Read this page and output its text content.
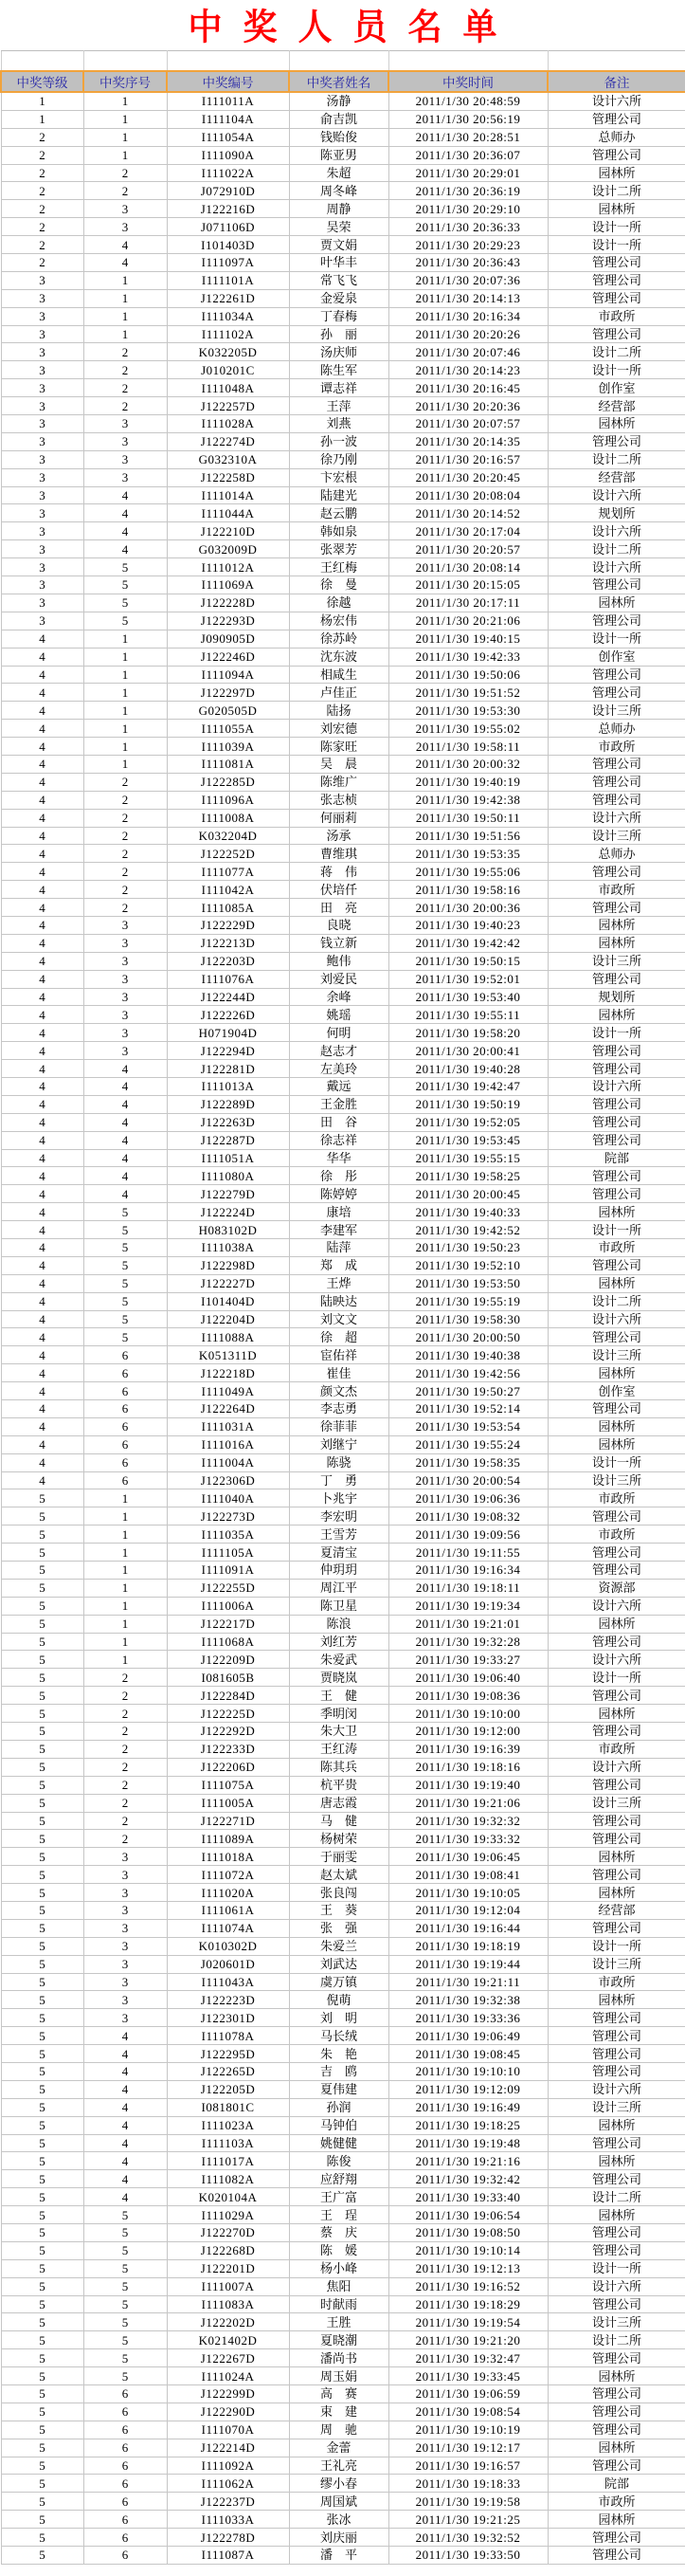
中奖人员名单

中奖等级	中奖序号	中奖编号	中奖者姓名	中奖时间	备注
1	1	I111011A	汤静	2011/1/30 20:48:59	设计六所
1	1	I111104A	俞吉凯	2011/1/30 20:56:19	管理公司
2	1	I111054A	钱贻俊	2011/1/30 20:28:51	总师办
2	1	I111090A	陈亚男	2011/1/30 20:36:07	管理公司
2	2	I111022A	朱超	2011/1/30 20:29:01	园林所
2	2	J072910D	周冬峰	2011/1/30 20:36:19	设计二所
2	3	J122216D	周静	2011/1/30 20:29:10	园林所
2	3	J071106D	吴荣	2011/1/30 20:36:33	设计一所
2	4	I101403D	贾文娟	2011/1/30 20:29:23	设计一所
2	4	I111097A	叶华丰	2011/1/30 20:36:43	管理公司
3	1	I111101A	常飞飞	2011/1/30 20:07:36	管理公司
3	1	J122261D	金爱泉	2011/1/30 20:14:13	管理公司
3	1	I111034A	丁春梅	2011/1/30 20:16:34	市政所
3	1	I111102A	孙　丽	2011/1/30 20:20:26	管理公司
3	2	K032205D	汤庆师	2011/1/30 20:07:46	设计二所
3	2	J010201C	陈生军	2011/1/30 20:14:23	设计一所
3	2	I111048A	谭志祥	2011/1/30 20:16:45	创作室
3	2	J122257D	王萍	2011/1/30 20:20:36	经营部
3	3	I111028A	刘燕	2011/1/30 20:07:57	园林所
3	3	J122274D	孙一波	2011/1/30 20:14:35	管理公司
3	3	G032310A	徐乃刚	2011/1/30 20:16:57	设计二所
3	3	J122258D	卞宏根	2011/1/30 20:20:45	经营部
3	4	I111014A	陆建光	2011/1/30 20:08:04	设计六所
3	4	I111044A	赵云鹏	2011/1/30 20:14:52	规划所
3	4	J122210D	韩如泉	2011/1/30 20:17:04	设计六所
3	4	G032009D	张翠芳	2011/1/30 20:20:57	设计二所
3	5	I111012A	王红梅	2011/1/30 20:08:14	设计六所
3	5	I111069A	徐　曼	2011/1/30 20:15:05	管理公司
3	5	J122228D	徐越	2011/1/30 20:17:11	园林所
3	5	J122293D	杨宏伟	2011/1/30 20:21:06	管理公司
4	1	J090905D	徐苏岭	2011/1/30 19:40:15	设计一所
4	1	J122246D	沈东波	2011/1/30 19:42:33	创作室
4	1	I111094A	相咸生	2011/1/30 19:50:06	管理公司
4	1	J122297D	卢佳正	2011/1/30 19:51:52	管理公司
4	1	G020505D	陆扬	2011/1/30 19:53:30	设计三所
4	1	I111055A	刘宏德	2011/1/30 19:55:02	总师办
4	1	I111039A	陈家旺	2011/1/30 19:58:11	市政所
4	1	I111081A	吴　晨	2011/1/30 20:00:32	管理公司
4	2	J122285D	陈维广	2011/1/30 19:40:19	管理公司
4	2	I111096A	张志桢	2011/1/30 19:42:38	管理公司
4	2	I111008A	何丽莉	2011/1/30 19:50:11	设计六所
4	2	K032204D	汤承	2011/1/30 19:51:56	设计三所
4	2	J122252D	曹维琪	2011/1/30 19:53:35	总师办
4	2	I111077A	蒋　伟	2011/1/30 19:55:06	管理公司
4	2	I111042A	伏培仟	2011/1/30 19:58:16	市政所
4	2	I111085A	田　亮	2011/1/30 20:00:36	管理公司
4	3	J122229D	良晓	2011/1/30 19:40:23	园林所
4	3	J122213D	钱立新	2011/1/30 19:42:42	园林所
4	3	J122203D	鲍伟	2011/1/30 19:50:15	设计三所
4	3	I111076A	刘爱民	2011/1/30 19:52:01	管理公司
4	3	J122244D	余峰	2011/1/30 19:53:40	规划所
4	3	J122226D	姚瑶	2011/1/30 19:55:11	园林所
4	3	H071904D	何明	2011/1/30 19:58:20	设计一所
4	3	J122294D	赵志才	2011/1/30 20:00:41	管理公司
4	4	J122281D	左美玲	2011/1/30 19:40:28	管理公司
4	4	I111013A	戴远	2011/1/30 19:42:47	设计六所
4	4	J122289D	王金胜	2011/1/30 19:50:19	管理公司
4	4	J122263D	田　谷	2011/1/30 19:52:05	管理公司
4	4	J122287D	徐志祥	2011/1/30 19:53:45	管理公司
4	4	I111051A	华华	2011/1/30 19:55:15	院部
4	4	I111080A	徐　彤	2011/1/30 19:58:25	管理公司
4	4	J122279D	陈婷婷	2011/1/30 20:00:45	管理公司
4	5	J122224D	康培	2011/1/30 19:40:33	园林所
4	5	H083102D	李建军	2011/1/30 19:42:52	设计一所
4	5	I111038A	陆萍	2011/1/30 19:50:23	市政所
4	5	J122298D	郑　成	2011/1/30 19:52:10	管理公司
4	5	J122227D	王烨	2011/1/30 19:53:50	园林所
4	5	I101404D	陆映达	2011/1/30 19:55:19	设计二所
4	5	J122204D	刘文文	2011/1/30 19:58:30	设计六所
4	5	I111088A	徐　超	2011/1/30 20:00:50	管理公司
4	6	K051311D	宦佑祥	2011/1/30 19:40:38	设计三所
4	6	J122218D	崔佳	2011/1/30 19:42:56	园林所
4	6	I111049A	颜文杰	2011/1/30 19:50:27	创作室
4	6	J122264D	李志勇	2011/1/30 19:52:14	管理公司
4	6	I111031A	徐菲菲	2011/1/30 19:53:54	园林所
4	6	I111016A	刘继宁	2011/1/30 19:55:24	园林所
4	6	I111004A	陈骁	2011/1/30 19:58:35	设计一所
4	6	J122306D	丁　勇	2011/1/30 20:00:54	设计三所
5	1	I111040A	卜兆宇	2011/1/30 19:06:36	市政所
5	1	J122273D	李宏明	2011/1/30 19:08:32	管理公司
5	1	I111035A	王雪芳	2011/1/30 19:09:56	市政所
5	1	I111105A	夏清宝	2011/1/30 19:11:55	管理公司
5	1	I111091A	仲玥玥	2011/1/30 19:16:34	管理公司
5	1	J122255D	周江平	2011/1/30 19:18:11	资源部
5	1	I111006A	陈卫星	2011/1/30 19:19:34	设计六所
5	1	J122217D	陈浪	2011/1/30 19:21:01	园林所
5	1	I111068A	刘红芳	2011/1/30 19:32:28	管理公司
5	1	J122209D	朱爱武	2011/1/30 19:33:27	设计六所
5	2	I081605B	贾晓岚	2011/1/30 19:06:40	设计一所
5	2	J122284D	王　健	2011/1/30 19:08:36	管理公司
5	2	J122225D	季明闵	2011/1/30 19:10:00	园林所
5	2	J122292D	朱大卫	2011/1/30 19:12:00	管理公司
5	2	J122233D	王红涛	2011/1/30 19:16:39	市政所
5	2	J122206D	陈其兵	2011/1/30 19:18:16	设计六所
5	2	I111075A	杭平贵	2011/1/30 19:19:40	管理公司
5	2	I111005A	唐志霞	2011/1/30 19:21:06	设计三所
5	2	J122271D	马　健	2011/1/30 19:32:32	管理公司
5	2	I111089A	杨树荣	2011/1/30 19:33:32	管理公司
5	3	I111018A	于丽雯	2011/1/30 19:06:45	园林所
5	3	I111072A	赵太斌	2011/1/30 19:08:41	管理公司
5	3	I111020A	张良闯	2011/1/30 19:10:05	园林所
5	3	I111061A	王　葵	2011/1/30 19:12:04	经营部
5	3	I111074A	张　强	2011/1/30 19:16:44	管理公司
5	3	K010302D	朱爱兰	2011/1/30 19:18:19	设计一所
5	3	J020601D	刘武达	2011/1/30 19:19:44	设计三所
5	3	I111043A	虞万镇	2011/1/30 19:21:11	市政所
5	3	J122223D	倪萌	2011/1/30 19:32:38	园林所
5	3	J122301D	刘　明	2011/1/30 19:33:36	管理公司
5	4	I111078A	马长绒	2011/1/30 19:06:49	管理公司
5	4	J122295D	朱　艳	2011/1/30 19:08:45	管理公司
5	4	J122265D	吉　鸥	2011/1/30 19:10:10	管理公司
5	4	J122205D	夏伟建	2011/1/30 19:12:09	设计六所
5	4	I081801C	孙润	2011/1/30 19:16:49	设计三所
5	4	I111023A	马钟伯	2011/1/30 19:18:25	园林所
5	4	I111103A	姚健健	2011/1/30 19:19:48	管理公司
5	4	I111017A	陈俊	2011/1/30 19:21:16	园林所
5	4	I111082A	应舒翔	2011/1/30 19:32:42	管理公司
5	4	K020104A	王广富	2011/1/30 19:33:40	设计二所
5	5	I111029A	王　珵	2011/1/30 19:06:54	园林所
5	5	J122270D	蔡　庆	2011/1/30 19:08:50	管理公司
5	5	J122268D	陈　媛	2011/1/30 19:10:14	管理公司
5	5	J122201D	杨小峰	2011/1/30 19:12:13	设计一所
5	5	I111007A	焦阳	2011/1/30 19:16:52	设计六所
5	5	I111083A	时献雨	2011/1/30 19:18:29	管理公司
5	5	J122202D	王胜	2011/1/30 19:19:54	设计三所
5	5	K021402D	夏晓潮	2011/1/30 19:21:20	设计二所
5	5	J122267D	潘尚书	2011/1/30 19:32:47	管理公司
5	5	I111024A	周玉娟	2011/1/30 19:33:45	园林所
5	6	J122299D	高　赛	2011/1/30 19:06:59	管理公司
5	6	J122290D	束　建	2011/1/30 19:08:54	管理公司
5	6	I111070A	周　驰	2011/1/30 19:10:19	管理公司
5	6	J122214D	金蕾	2011/1/30 19:12:17	园林所
5	6	I111092A	王礼亮	2011/1/30 19:16:57	管理公司
5	6	I111062A	缪小春	2011/1/30 19:18:33	院部
5	6	J122237D	周国斌	2011/1/30 19:19:58	市政所
5	6	I111033A	张冰	2011/1/30 19:21:25	园林所
5	6	J122278D	刘庆丽	2011/1/30 19:32:52	管理公司
5	6	I111087A	潘　平	2011/1/30 19:33:50	管理公司
